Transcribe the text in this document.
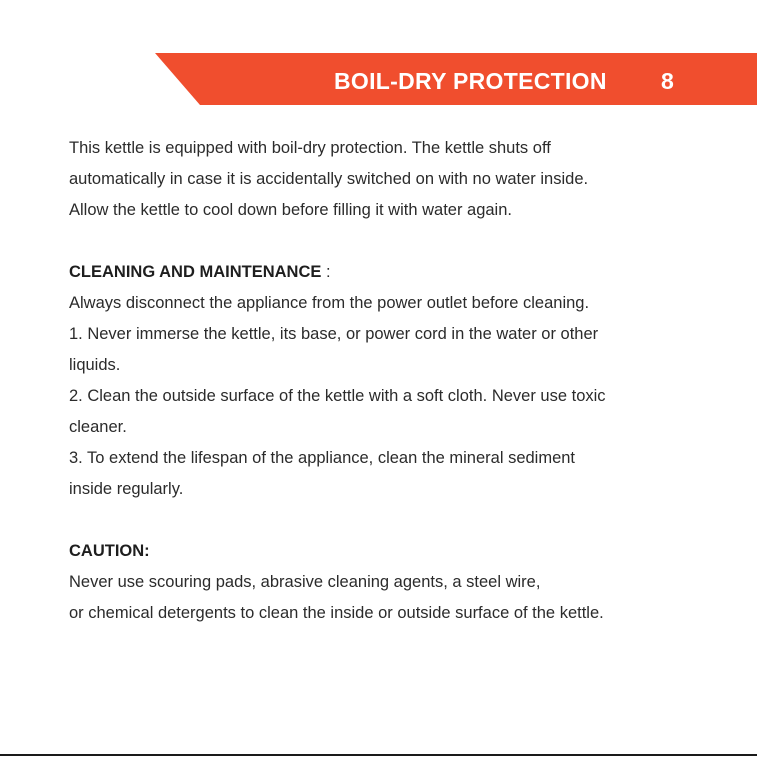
BOIL-DRY PROTECTION 8
This kettle is equipped with boil-dry protection. The kettle shuts off
automatically in case it is accidentally switched on with no water inside.
Allow the kettle to cool down before filling it with water again.
CLEANING AND MAINTENANCE :
Always disconnect the appliance from the power outlet before cleaning.
1. Never immerse the kettle, its base, or power cord in the water or other
liquids.
2. Clean the outside surface of the kettle with a soft cloth. Never use toxic
cleaner.
3. To extend the lifespan of the appliance, clean the mineral sediment
inside regularly.
CAUTION:
Never use scouring pads, abrasive cleaning agents, a steel wire,
or chemical detergents to clean the inside or outside surface of the kettle.
